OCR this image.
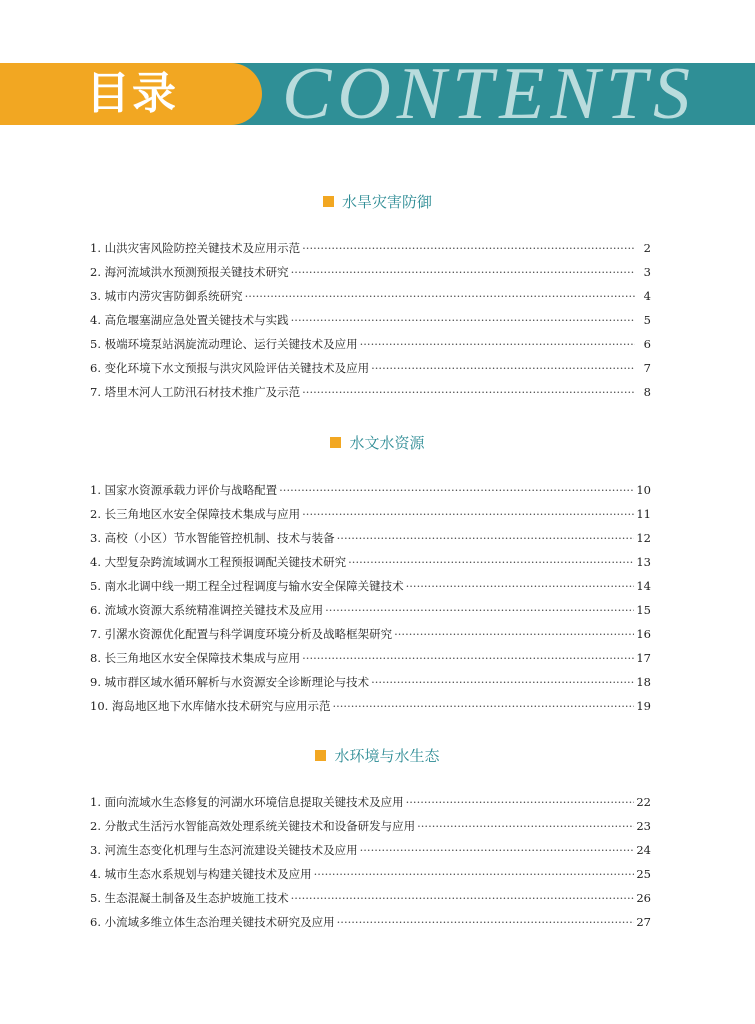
CONTENTS
目录
水旱灾害防御
1. 山洪灾害风险防控关键技术及应用示范 ·····	2
2. 海河流域洪水预测预报关键技术研究 ·····	3
3. 城市内涝灾害防御系统研究 ·····	4
4. 高危堰塞湖应急处置关键技术与实践 ·····	5
5. 极端环境泵站涡旋流动理论、运行关键技术及应用 ·····	6
6. 变化环境下水文预报与洪灾风险评估关键技术及应用 ·····	7
7. 塔里木河人工防汛石材技术推广及示范 ·····	8
水文水资源
1. 国家水资源承载力评价与战略配置 ·····	10
2. 长三角地区水安全保障技术集成与应用 ·····	11
3. 高校（小区）节水智能管控机制、技术与装备 ·····	12
4. 大型复杂跨流域调水工程预报调配关键技术研究 ·····	13
5. 南水北调中线一期工程全过程调度与输水安全保障关键技术 ·····	14
6. 流域水资源大系统精准调控关键技术及应用 ·····	15
7. 引漯水资源优化配置与科学调度环境分析及战略框架研究 ·····	16
8. 长三角地区水安全保障技术集成与应用 ·····	17
9. 城市群区域水循环解析与水资源安全诊断理论与技术 ·····	18
10. 海岛地区地下水库储水技术研究与应用示范 ·····	19
水环境与水生态
1. 面向流域水生态修复的河湖水环境信息提取关键技术及应用 ·····	22
2. 分散式生活污水智能高效处理系统关键技术和设备研发与应用 ·····	23
3. 河流生态变化机理与生态河流建设关键技术及应用 ·····	24
4. 城市生态水系规划与构建关键技术及应用 ·····	25
5. 生态混凝土制备及生态护坡施工技术 ·····	26
6. 小流域多维立体生态治理关键技术研究及应用 ·····	27
